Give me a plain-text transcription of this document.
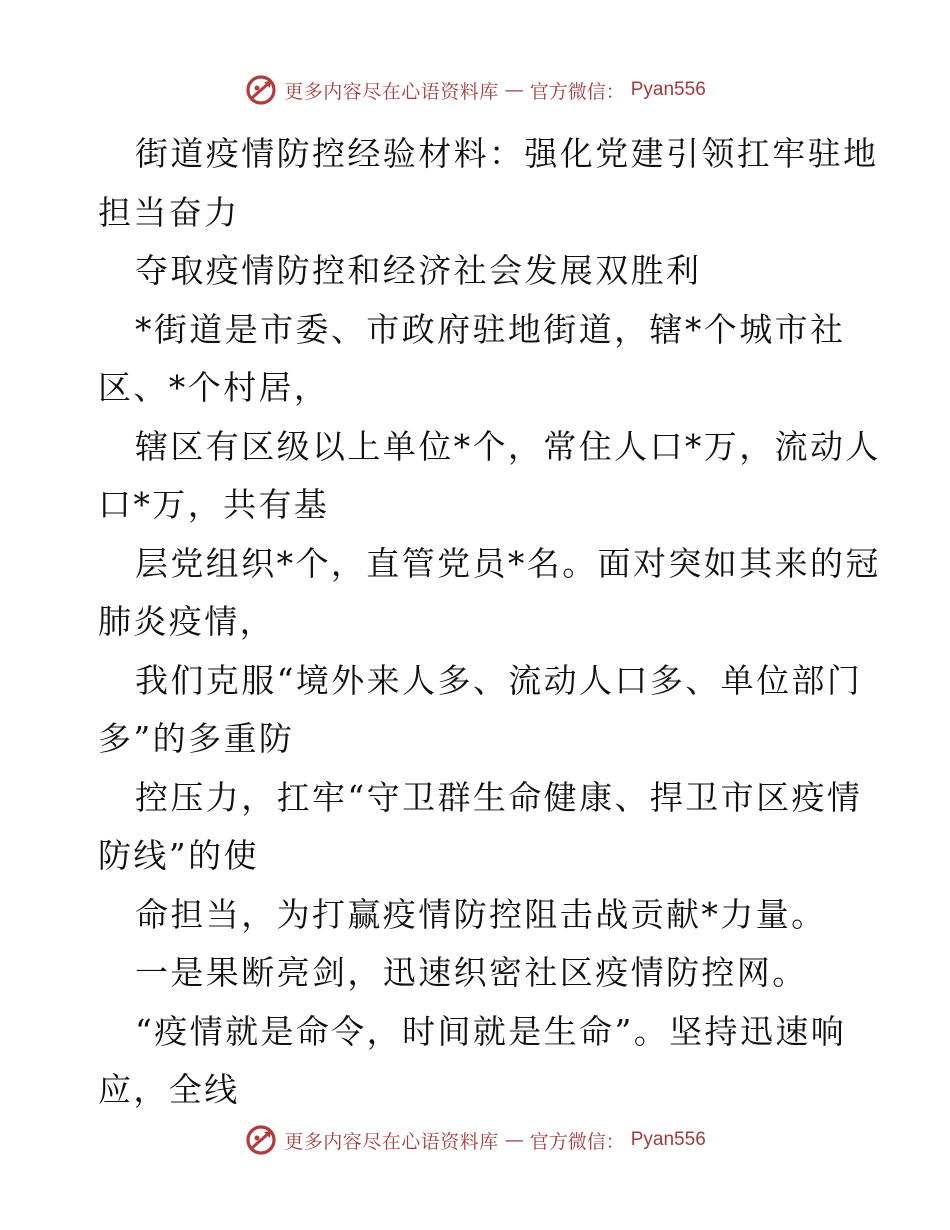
更多内容尽在心语资料库 — 官方微信： Pyan556
街道疫情防控经验材料：强化党建引领扛牢驻地
担当奋力
夺取疫情防控和经济社会发展双胜利
*街道是市委、市政府驻地街道，辖*个城市社
区、*个村居，
辖区有区级以上单位*个，常住人口*万，流动人
口*万，共有基
层党组织*个，直管党员*名。面对突如其来的冠
肺炎疫情，
我们克服“境外来人多、流动人口多、单位部门
多”的多重防
控压力，扛牢“守卫群生命健康、捍卫市区疫情
防线”的使
命担当，为打赢疫情防控阻击战贡献*力量。
一是果断亮剑，迅速织密社区疫情防控网。
“疫情就是命令，时间就是生命”。坚持迅速响
应，全线
更多内容尽在心语资料库 — 官方微信： Pyan556
